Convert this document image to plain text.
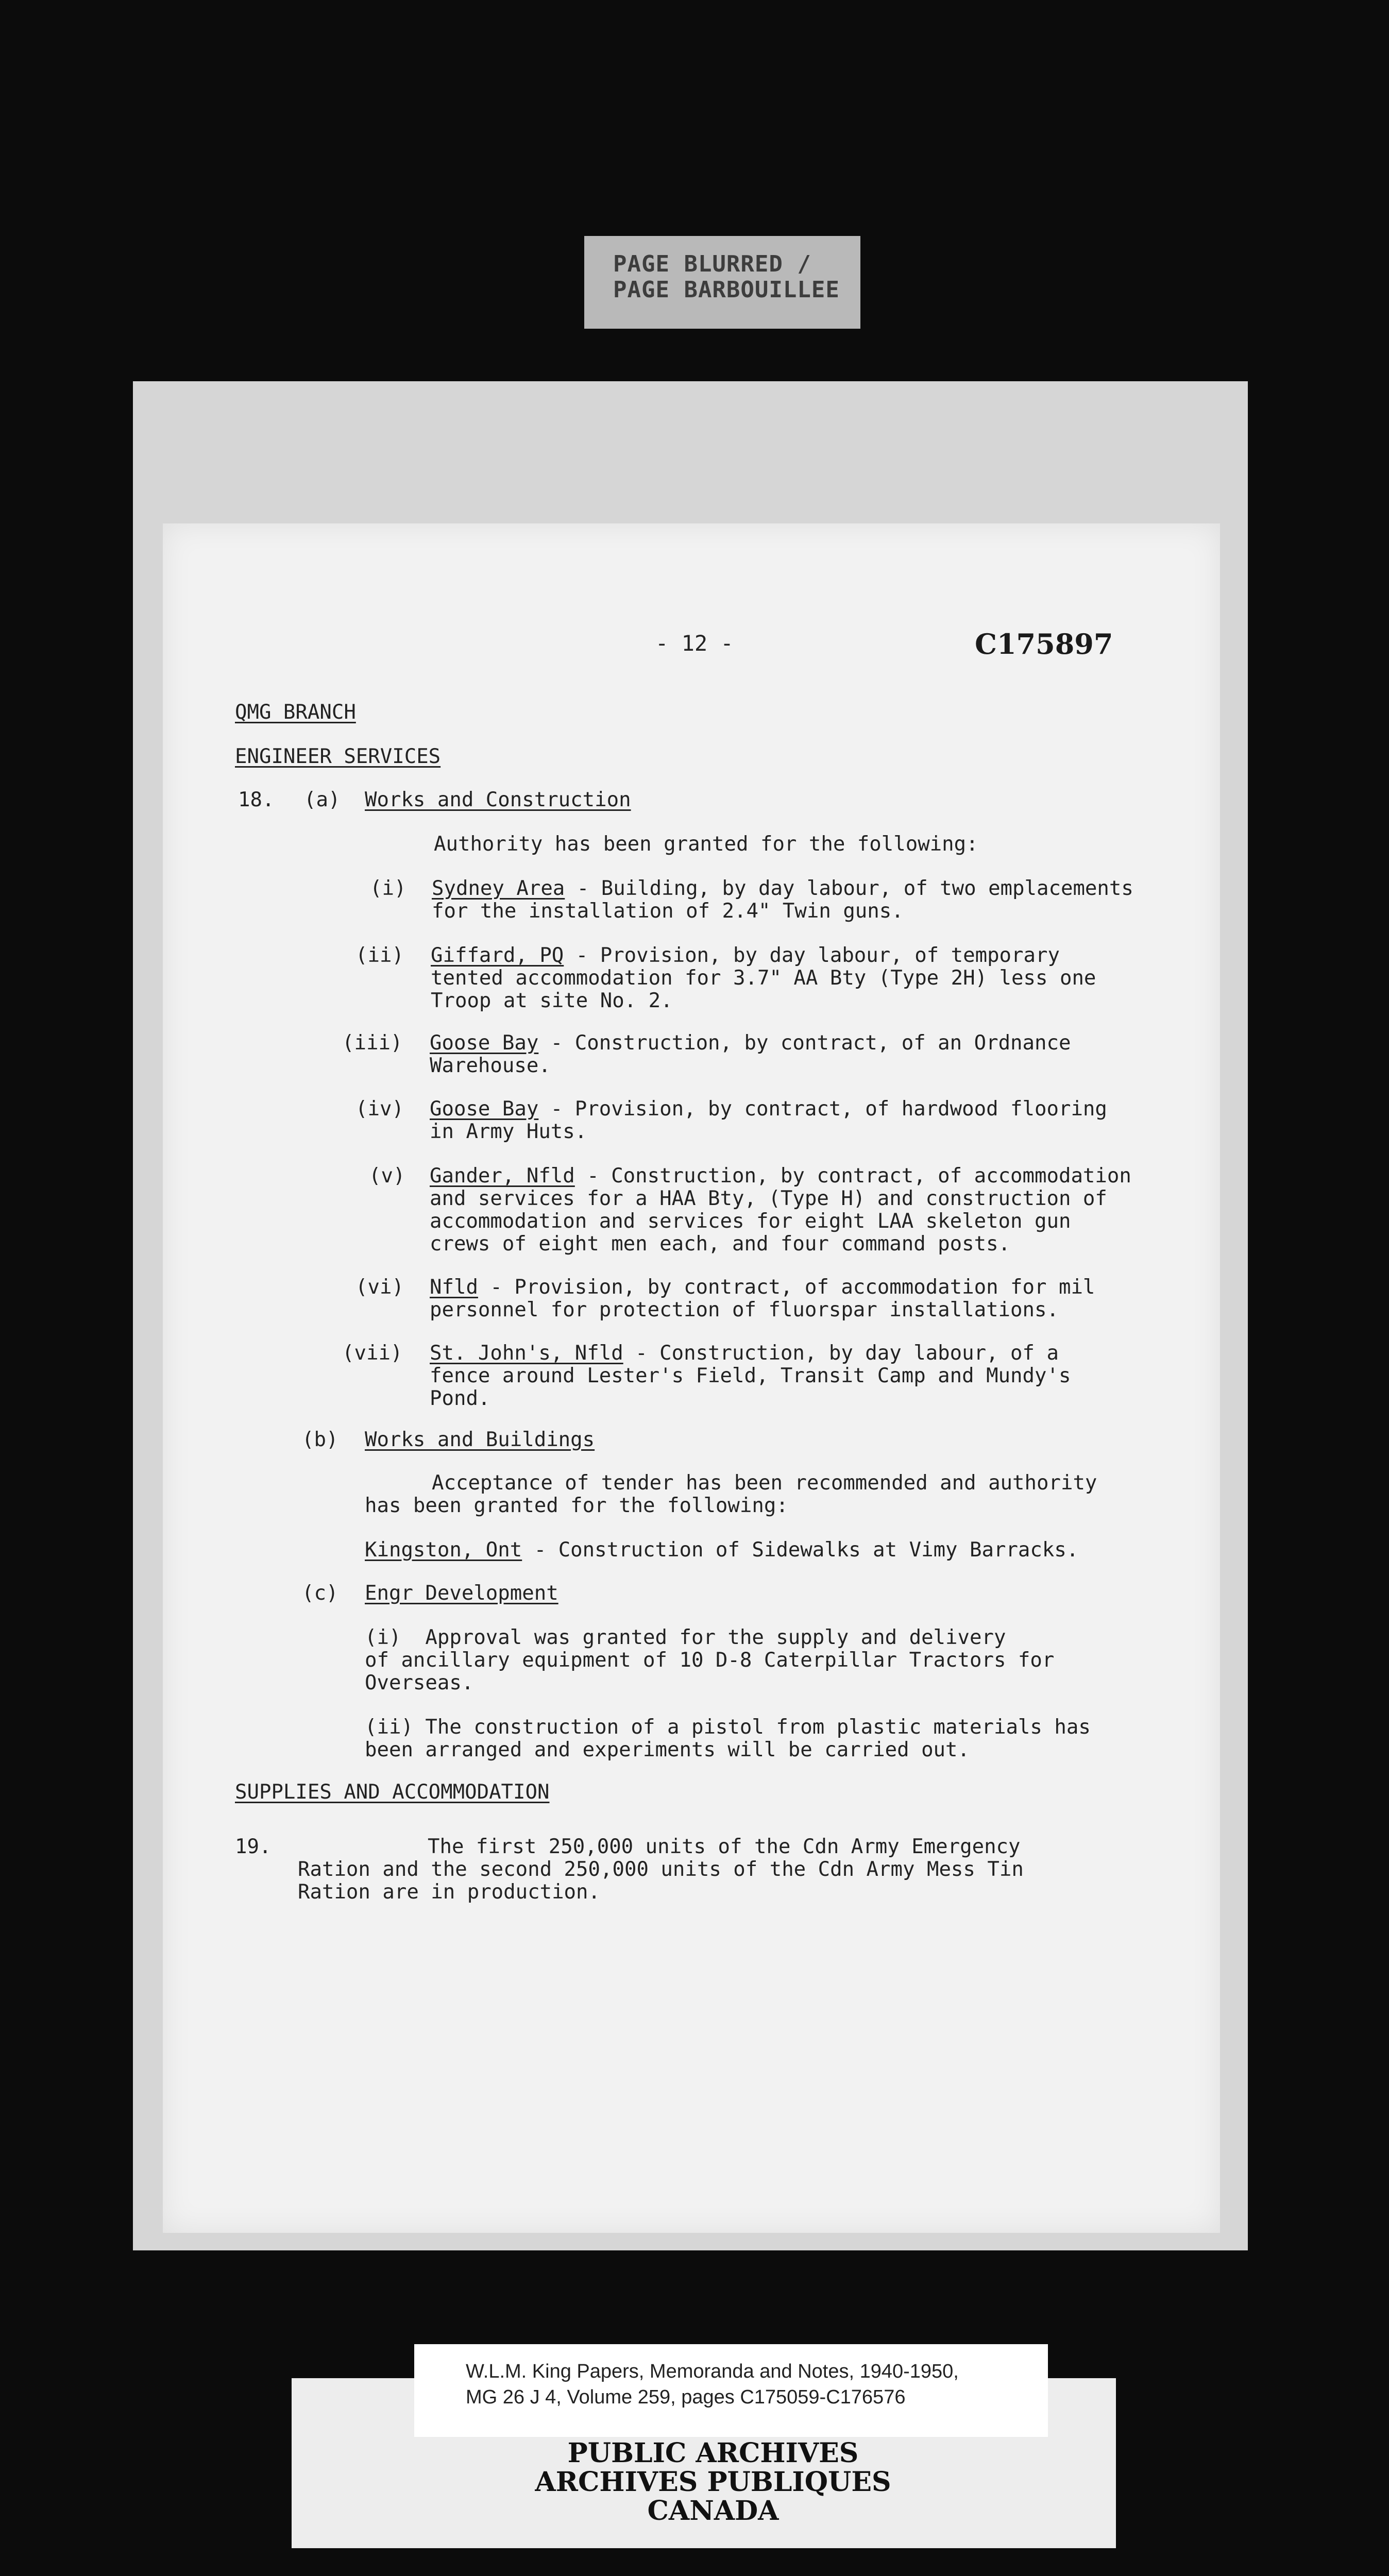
PAGE BLURRED /
PAGE BARBOUILLEE
- 12 -	C175897
QMG BRANCH
ENGINEER SERVICES
18. (a) Works and Construction
Authority has been granted for the following:
(i) Sydney Area - Building, by day labour, of two emplacements
for the installation of 2.4" Twin guns.
(ii) Giffard, PQ - Provision, by day labour, of temporary
tented accommodation for 3.7" AA Bty (Type 2H) less one
Troop at site No. 2.
(iii) Goose Bay - Construction, by contract, of an Ordnance
Warehouse.
(iv) Goose Bay - Provision, by contract, of hardwood flooring
in Army Huts.
(v) Gander, Nfld - Construction, by contract, of accommodation
and services for a HAA Bty, (Type H) and construction of
accommodation and services for eight LAA skeleton gun
crews of eight men each, and four command posts.
(vi) Nfld - Provision, by contract, of accommodation for mil
personnel for protection of fluorspar installations.
(vii) St. John's, Nfld - Construction, by day labour, of a
fence around Lester's Field, Transit Camp and Mundy's
Pond.
(b) Works and Buildings
Acceptance of tender has been recommended and authority
has been granted for the following:
Kingston, Ont - Construction of Sidewalks at Vimy Barracks.
(c) Engr Development
(i)  Approval was granted for the supply and delivery
of ancillary equipment of 10 D-8 Caterpillar Tractors for
Overseas.
(ii) The construction of a pistol from plastic materials has
been arranged and experiments will be carried out.
SUPPLIES AND ACCOMMODATION
19.	The first 250,000 units of the Cdn Army Emergency
Ration and the second 250,000 units of the Cdn Army Mess Tin
Ration are in production.
W.L.M. King Papers, Memoranda and Notes, 1940-1950,
MG 26 J 4, Volume 259, pages C175059-C176576
PUBLIC ARCHIVES
ARCHIVES PUBLIQUES
CANADA
